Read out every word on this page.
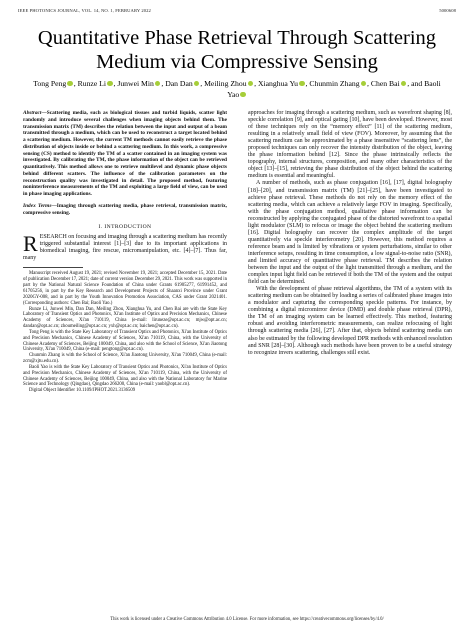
IEEE PHOTONICS JOURNAL, VOL. 14, NO. 1, FEBRUARY 2022	5000608
Quantitative Phase Retrieval Through Scattering Medium via Compressive Sensing
Tong Peng , Runze Li , Junwei Min , Dan Dan , Meiling Zhou , Xianghua Yu , Chunmin Zhang , Chen Bai , and Baoli Yao

Abstract—Scattering media, such as biological tissues and turbid liquids, scatter light randomly and introduce several challenges when imaging objects behind them. The transmission matrix (TM) describes the relation between the input and output of a beam transmitted through a medium, which can be used to reconstruct a target located behind a scattering medium. However, the current TM methods cannot easily retrieve the phase distribution of objects inside or behind a scattering medium. In this work, a compressive sensing (CS) method to identify the TM of a scatter contained in an imaging system was investigated. By calibrating the TM, the phase information of the object can be retrieved quantitatively. This method allows one to retrieve multilevel and dynamic phase objects behind different scatters. The influence of the calibration parameters on the reconstruction quality was investigated in detail. The proposed method, featuring noninterference measurements of the TM and exploiting a large field of view, can be used in phase imaging applications.

Index Terms—Imaging through scattering media, phase retrieval, transmission matrix, compressive sensing.

I. INTRODUCTION

RESEARCH on focusing and imaging through a scattering medium has recently triggered substantial interest [1]–[3] due to its important applications in biomedical imaging, fire rescue, micromanipulation, etc. [4]–[7]. Thus far, many

Manuscript received August 19, 2021; revised November 19, 2021; accepted December 15, 2021. Date of publication December 17, 2021; date of current version December 29, 2021. This work was supported in part by the National Natural Science Foundation of China under Grants 61905277, 61991452, and 61705256, in part by the Key Research and Development Projects of Shaanxi Province under Grant 2020GY-008, and in part by the Youth Innovation Promotion Association, CAS under Grant 2021401. (Corresponding authors: Chen Bai; Baoli Yao.)

Runze Li, Junwei Min, Dan Dan, Meiling Zhou, Xianghua Yu, and Chen Bai are with the State Key Laboratory of Transient Optics and Photonics, Xi'an Institute of Optics and Precision Mechanics, Chinese Academy of Sciences, Xi'an 710119, China (e-mail: liruneze@opt.ac.cn; mjw@opt.ac.cn; dandan@opt.ac.cn; zhoumeiling@opt.ac.cn; yxh@opt.ac.cn; baichen@opt.ac.cn).

Tong Peng is with the State Key Laboratory of Transient Optics and Photonics, Xi'an Institute of Optics and Precision Mechanics, Chinese Academy of Sciences, Xi'an 710119, China, with the University of Chinese Academy of Sciences, Beijing 100049, China, and also with the School of Science, Xi'an Jiaotong University, Xi'an 710049, China (e-mail: pengtong@opt.ac.cn).

Chunmin Zhang is with the School of Science, Xi'an Jiaotong University, Xi'an 710049, China (e-mail: zcm@xjtu.edu.cn).

Baoli Yao is with the State Key Laboratory of Transient Optics and Photonics, Xi'an Institute of Optics and Precision Mechanics, Chinese Academy of Sciences, Xi'an 710119, China, with the University of Chinese Academy of Sciences, Beijing 100049, China, and also with the National Laboratory for Marine Science and Technology (Qingdao), Qingdao 266200, China (e-mail: yaobl@opt.ac.cn).

Digital Object Identifier 10.1109/JPHOT.2021.3136509

approaches for imaging through a scattering medium, such as wavefront shaping [8], speckle correlation [9], and optical gating [10], have been developed. However, most of these techniques rely on the “memory effect” [11] of the scattering medium, resulting in a relatively small field of view (FOV). Moreover, by assuming that the scattering medium can be approximated by a phase insensitive “scattering lens”, the proposed techniques can only recover the intensity distribution of the object, leaving the phase information behind [12]. Since the phase intrinsically reflects the topography, internal structures, composition, and many other characteristics of the object [13]–[15], retrieving the phase distribution of the object behind the scattering medium is essential and meaningful.

A number of methods, such as phase conjugation [16], [17], digital holography [18]–[20], and transmission matrix (TM) [21]–[25], have been investigated to achieve phase retrieval. These methods do not rely on the memory effect of the scattering media, which can achieve a relatively large FOV in imaging. Specifically, with the phase conjugation method, qualitative phase information can be reconstructed by applying the conjugated phase of the distorted wavefront to a spatial light modulator (SLM) to refocus or image the object behind the scattering medium [16]. Digital holography can recover the complex amplitude of the target quantitatively via speckle interferometry [20]. However, this method requires a reference beam and is limited by vibrations or system perturbations, similar to other interference setups, resulting in time consumption, a low signal-to-noise ratio (SNR), and limited accuracy of quantitative phase retrieval. TM describes the relation between the input and the output of the light transmitted through a medium, and the complex input light field can be retrieved if both the TM of the system and the output field can be determined.

With the development of phase retrieval algorithms, the TM of a system with its scattering medium can be obtained by loading a series of calibrated phase images into a modulator and capturing the corresponding speckle patterns. For instance, by combining a digital micromirror device (DMD) and double phase retrieval (DPR), the TM of an imaging system can be learned effectively. This method, featuring robust and avoiding interferometric measurements, can realize refocusing of light through scattering media [26], [27]. After that, objects behind scattering media can also be estimated by the following developed DPR methods with enhanced resolution and SNR [28]–[30]. Although such methods have been proven to be a useful strategy to recognize invers scattering, challenges still exist.

This work is licensed under a Creative Commons Attribution 4.0 License. For more information, see https://creativecommons.org/licenses/by/4.0/
